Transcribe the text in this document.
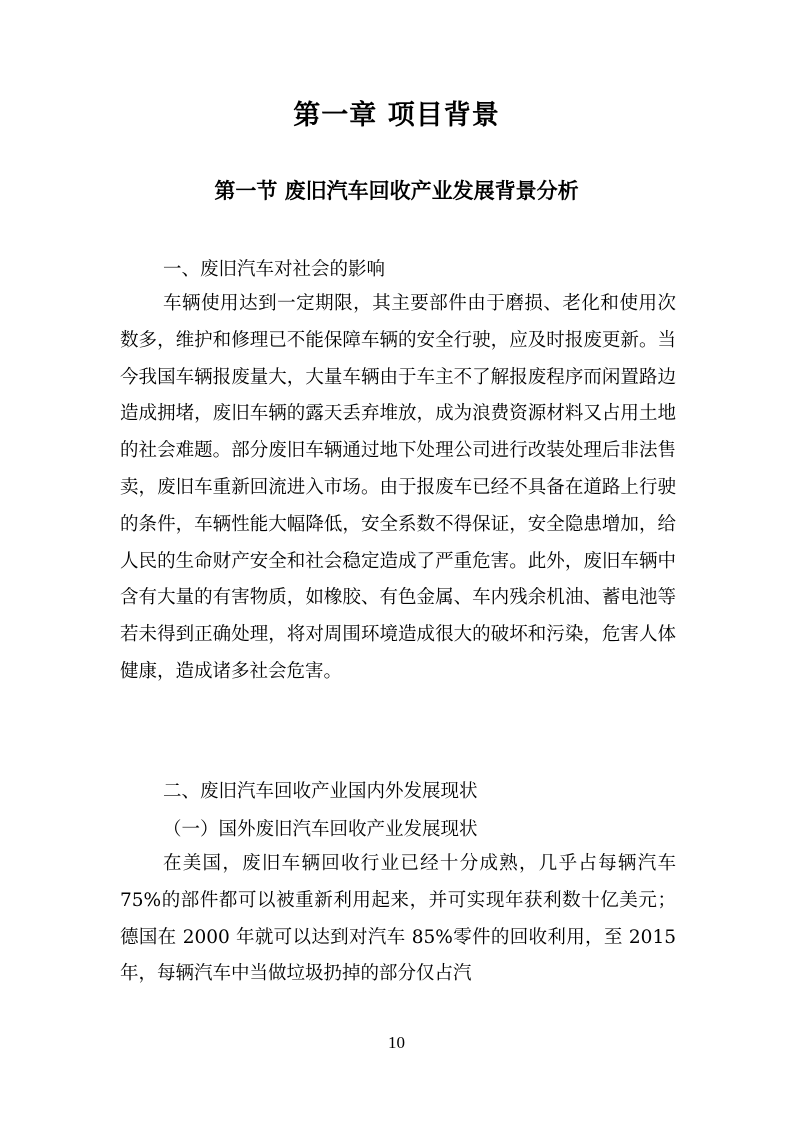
第一章 项目背景
第一节 废旧汽车回收产业发展背景分析

一、废旧汽车对社会的影响

车辆使用达到一定期限，其主要部件由于磨损、老化和使用次数多，维护和修理已不能保障车辆的安全行驶，应及时报废更新。当今我国车辆报废量大，大量车辆由于车主不了解报废程序而闲置路边造成拥堵，废旧车辆的露天丢弃堆放，成为浪费资源材料又占用土地的社会难题。部分废旧车辆通过地下处理公司进行改装处理后非法售卖，废旧车重新回流进入市场。由于报废车已经不具备在道路上行驶的条件，车辆性能大幅降低，安全系数不得保证，安全隐患增加，给人民的生命财产安全和社会稳定造成了严重危害。此外，废旧车辆中含有大量的有害物质，如橡胶、有色金属、车内残余机油、蓄电池等若未得到正确处理，将对周围环境造成很大的破坏和污染，危害人体健康，造成诸多社会危害。

二、废旧汽车回收产业国内外发展现状

（一）国外废旧汽车回收产业发展现状

在美国，废旧车辆回收行业已经十分成熟，几乎占每辆汽车 75%的部件都可以被重新利用起来，并可实现年获利数十亿美元；德国在 2000 年就可以达到对汽车 85%零件的回收利用，至 2015 年，每辆汽车中当做垃圾扔掉的部分仅占汽

10
